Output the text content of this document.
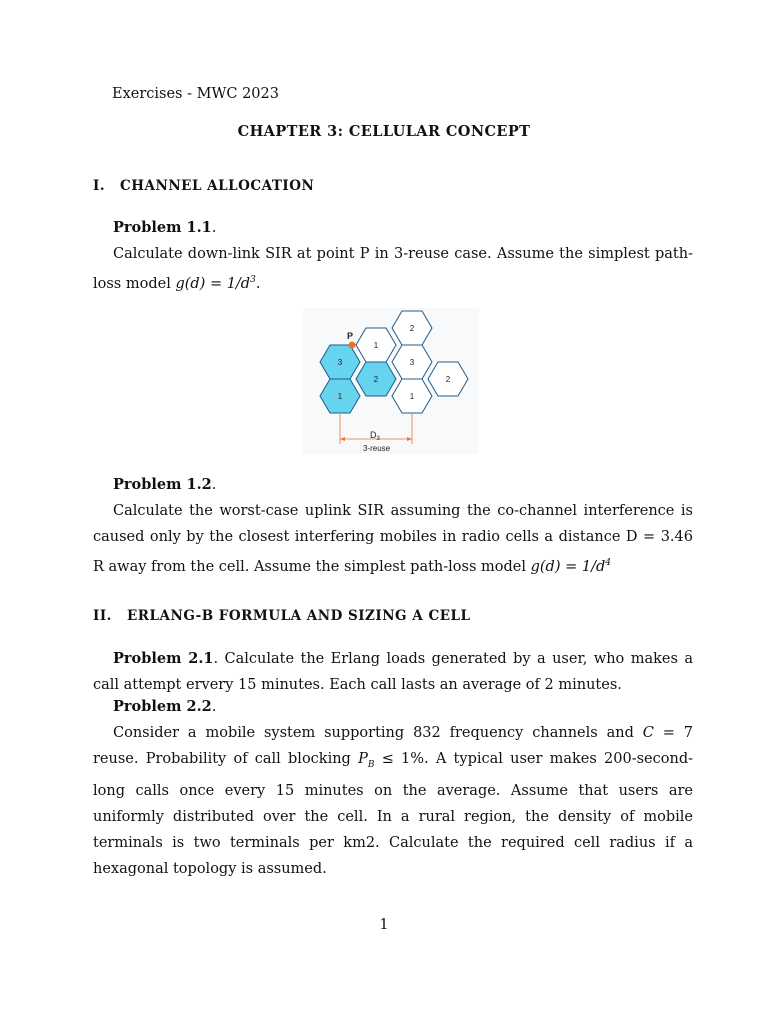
Exercises - MWC 2023
CHAPTER 3: CELLULAR CONCEPT
I. CHANNEL ALLOCATION
Problem 1.1.
Calculate down-link SIR at point P in 3-reuse case. Assume the simplest path-loss model $g(d) = 1/d^3$.
2
1
3	3
2	2
1	1
P
$D_3$
3-reuse
Problem 1.2.
Calculate the worst-case uplink SIR assuming the co-channel interference is caused only by the closest interfering mobiles in radio cells a distance D = 3.46 R away from the cell. Assume the simplest path-loss model $g(d) = 1/d^4$
II. ERLANG-B FORMULA AND SIZING A CELL
Problem 2.1. Calculate the Erlang loads generated by a user, who makes a call attempt ervery 15 minutes. Each call lasts an average of 2 minutes.
Problem 2.2.
Consider a mobile system supporting 832 frequency channels and C = 7 reuse. Probability of call blocking $P_B \le 1\%$. A typical user makes 200-second-long calls once every 15 minutes on the average. Assume that users are uniformly distributed over the cell. In a rural region, the density of mobile terminals is two terminals per km2. Calculate the required cell radius if a hexagonal topology is assumed.
1
